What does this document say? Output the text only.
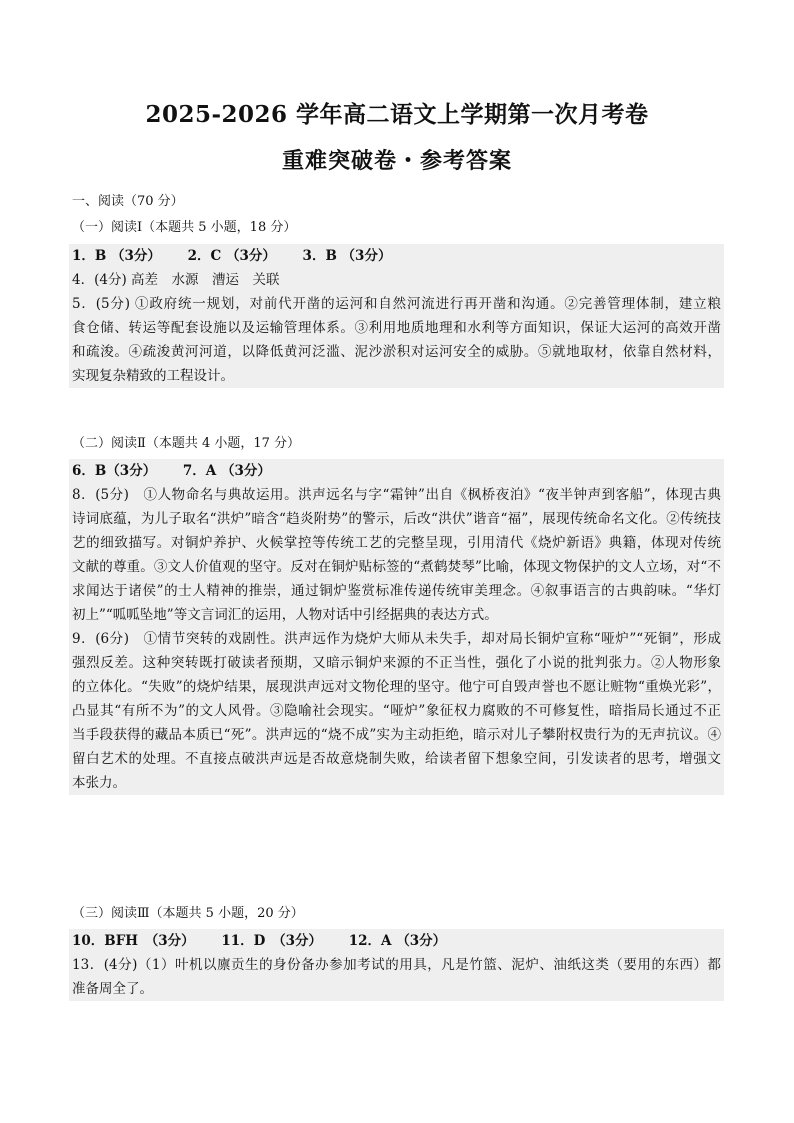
2025-2026 学年高二语文上学期第一次月考卷
重难突破卷・参考答案
一、阅读（70 分）
（一）阅读Ⅰ（本题共 5 小题，18 分）
1．B （3分） 2．C （3分） 3．B （3分）
4．(4分) 高差　水源　漕运　关联
5．(5分) ①政府统一规划，对前代开凿的运河和自然河流进行再开凿和沟通。②完善管理体制，建立粮
食仓储、转运等配套设施以及运输管理体系。③利用地质地理和水利等方面知识，保证大运河的高效开凿
和疏浚。④疏浚黄河河道，以降低黄河泛滥、泥沙淤积对运河安全的威胁。⑤就地取材，依靠自然材料，
实现复杂精致的工程设计。
（二）阅读Ⅱ（本题共 4 小题，17 分）
6．B（3分） 7．A （3分）
8．(5分)　①人物命名与典故运用。洪声远名与字“霜钟”出自《枫桥夜泊》“夜半钟声到客船”，体现古典
诗词底蕴，为儿子取名“洪炉”暗含“趋炎附势”的警示，后改“洪伏”谐音“福”，展现传统命名文化。②传统技
艺的细致描写。对铜炉养护、火候掌控等传统工艺的完整呈现，引用清代《烧炉新语》典籍，体现对传统
文献的尊重。③文人价值观的坚守。反对在铜炉贴标签的“煮鹤焚琴”比喻，体现文物保护的文人立场，对“不
求闻达于诸侯”的士人精神的推崇，通过铜炉鉴赏标准传递传统审美理念。④叙事语言的古典韵味。“华灯
初上”“呱呱坠地”等文言词汇的运用，人物对话中引经据典的表达方式。
9．(6分)　①情节突转的戏剧性。洪声远作为烧炉大师从未失手，却对局长铜炉宣称“哑炉”“死铜”，形成
强烈反差。这种突转既打破读者预期，又暗示铜炉来源的不正当性，强化了小说的批判张力。②人物形象
的立体化。“失败”的烧炉结果，展现洪声远对文物伦理的坚守。他宁可自毁声誉也不愿让赃物“重焕光彩”，
凸显其“有所不为”的文人风骨。③隐喻社会现实。“哑炉”象征权力腐败的不可修复性，暗指局长通过不正
当手段获得的藏品本质已“死”。洪声远的“烧不成”实为主动拒绝，暗示对儿子攀附权贵行为的无声抗议。④
留白艺术的处理。不直接点破洪声远是否故意烧制失败，给读者留下想象空间，引发读者的思考，增强文
本张力。
（三）阅读Ⅲ（本题共 5 小题，20 分）
10．BFH　（3分） 11．D　（3分） 12．A （3分）
13．(4分)（1）叶机以廪贡生的身份备办参加考试的用具，凡是竹篮、泥炉、油纸这类（要用的东西）都
准备周全了。
